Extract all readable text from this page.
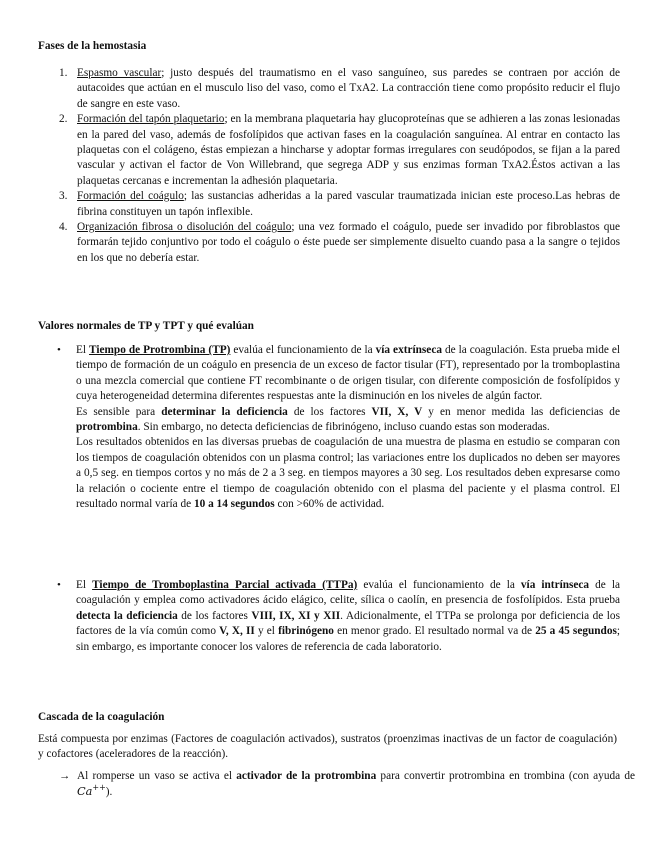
Fases de la hemostasia
1. Espasmo vascular; justo después del traumatismo en el vaso sanguíneo, sus paredes se contraen por acción de autacoides que actúan en el musculo liso del vaso, como el TxA2. La contracción tiene como propósito reducir el flujo de sangre en este vaso.

2. Formación del tapón plaquetario; en la membrana plaquetaria hay glucoproteínas que se adhieren a las zonas lesionadas en la pared del vaso, además de fosfolípidos que activan fases en la coagulación sanguínea. Al entrar en contacto las plaquetas con el colágeno, éstas empiezan a hincharse y adoptar formas irregulares con seudópodos, se fijan a la pared vascular y activan el factor de Von Willebrand, que segrega ADP y sus enzimas forman TxA2.Éstos activan a las plaquetas cercanas e incrementan la adhesión plaquetaria.

3. Formación del coágulo; las sustancias adheridas a la pared vascular traumatizada inician este proceso.Las hebras de fibrina constituyen un tapón inflexible.

4. Organización fibrosa o disolución del coágulo; una vez formado el coágulo, puede ser invadido por fibroblastos que formarán tejido conjuntivo por todo el coágulo o éste puede ser simplemente disuelto cuando pasa a la sangre o tejidos en los que no debería estar.

Valores normales de TP y TPT y qué evalúan
• El Tiempo de Protrombina (TP) evalúa el funcionamiento de la vía extrínseca de la coagulación. Esta prueba mide el tiempo de formación de un coágulo en presencia de un exceso de factor tisular (FT), representado por la tromboplastina o una mezcla comercial que contiene FT recombinante o de origen tisular, con diferente composición de fosfolípidos y cuya heterogeneidad determina diferentes respuestas ante la disminución en los niveles de algún factor.

Es sensible para determinar la deficiencia de los factores VII, X, V y en menor medida las deficiencias de protrombina. Sin embargo, no detecta deficiencias de fibrinógeno, incluso cuando estas son moderadas.

Los resultados obtenidos en las diversas pruebas de coagulación de una muestra de plasma en estudio se comparan con los tiempos de coagulación obtenidos con un plasma control; las variaciones entre los duplicados no deben ser mayores a 0,5 seg. en tiempos cortos y no más de 2 a 3 seg. en tiempos mayores a 30 seg. Los resultados deben expresarse como la relación o cociente entre el tiempo de coagulación obtenido con el plasma del paciente y el plasma control. El resultado normal varía de 10 a 14 segundos con >60% de actividad.

• El Tiempo de Tromboplastina Parcial activada (TTPa) evalúa el funcionamiento de la vía intrínseca de la coagulación y emplea como activadores ácido elágico, celite, sílica o caolín, en presencia de fosfolípidos. Esta prueba detecta la deficiencia de los factores VIII, IX, XI y XII. Adicionalmente, el TTPa se prolonga por deficiencia de los factores de la vía común como V, X, II y el fibrinógeno en menor grado. El resultado normal va de 25 a 45 segundos; sin embargo, es importante conocer los valores de referencia de cada laboratorio.

Cascada de la coagulación

Está compuesta por enzimas (Factores de coagulación activados), sustratos (proenzimas inactivas de un factor de coagulación) y cofactores (aceleradores de la reacción).

→ Al romperse un vaso se activa el activador de la protrombina para convertir protrombina en trombina (con ayuda de Ca++).
